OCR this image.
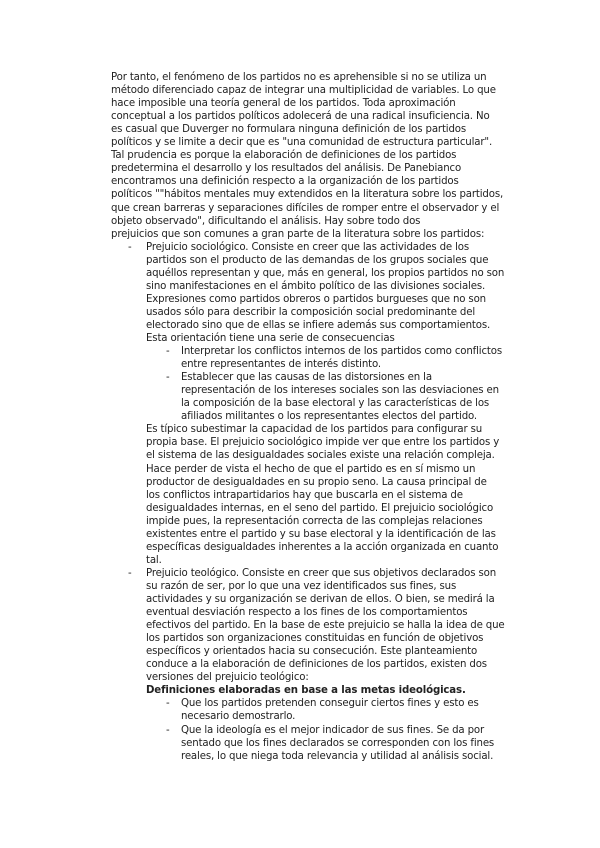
Por tanto, el fenómeno de los partidos no es aprehensible si no se utiliza un
método diferenciado capaz de integrar una multiplicidad de variables. Lo que
hace imposible una teoría general de los partidos. Toda aproximación
conceptual a los partidos políticos adolecerá de una radical insuficiencia. No
es casual que Duverger no formulara ninguna definición de los partidos
políticos y se limite a decir que es "una comunidad de estructura particular".
Tal prudencia es porque la elaboración de definiciones de los partidos
predetermina el desarrollo y los resultados del análisis. De Panebianco
encontramos una definición respecto a la organización de los partidos
políticos ""hábitos mentales muy extendidos en la literatura sobre los partidos,
que crean barreras y separaciones difíciles de romper entre el observador y el
objeto observado", dificultando el análisis. Hay sobre todo dos
prejuicios que son comunes a gran parte de la literatura sobre los partidos:
- Prejuicio sociológico. Consiste en creer que las actividades de los
partidos son el producto de las demandas de los grupos sociales que
aquéllos representan y que, más en general, los propios partidos no son
sino manifestaciones en el ámbito político de las divisiones sociales.
Expresiones como partidos obreros o partidos burgueses que no son
usados sólo para describir la composición social predominante del
electorado sino que de ellas se infiere además sus comportamientos.
Esta orientación tiene una serie de consecuencias
- Interpretar los conflictos internos de los partidos como conflictos
entre representantes de interés distinto.
- Establecer que las causas de las distorsiones en la
representación de los intereses sociales son las desviaciones en
la composición de la base electoral y las características de los
afiliados militantes o los representantes electos del partido.
Es típico subestimar la capacidad de los partidos para configurar su
propia base. El prejuicio sociológico impide ver que entre los partidos y
el sistema de las desigualdades sociales existe una relación compleja.
Hace perder de vista el hecho de que el partido es en sí mismo un
productor de desigualdades en su propio seno. La causa principal de
los conflictos intrapartidarios hay que buscarla en el sistema de
desigualdades internas, en el seno del partido. El prejuicio sociológico
impide pues, la representación correcta de las complejas relaciones
existentes entre el partido y su base electoral y la identificación de las
específicas desigualdades inherentes a la acción organizada en cuanto
tal.
- Prejuicio teológico. Consiste en creer que sus objetivos declarados son
su razón de ser, por lo que una vez identificados sus fines, sus
actividades y su organización se derivan de ellos. O bien, se medirá la
eventual desviación respecto a los fines de los comportamientos
efectivos del partido. En la base de este prejuicio se halla la idea de que
los partidos son organizaciones constituidas en función de objetivos
específicos y orientados hacia su consecución. Este planteamiento
conduce a la elaboración de definiciones de los partidos, existen dos
versiones del prejuicio teológico:
Definiciones elaboradas en base a las metas ideológicas.
- Que los partidos pretenden conseguir ciertos fines y esto es
necesario demostrarlo.
- Que la ideología es el mejor indicador de sus fines. Se da por
sentado que los fines declarados se corresponden con los fines
reales, lo que niega toda relevancia y utilidad al análisis social.
